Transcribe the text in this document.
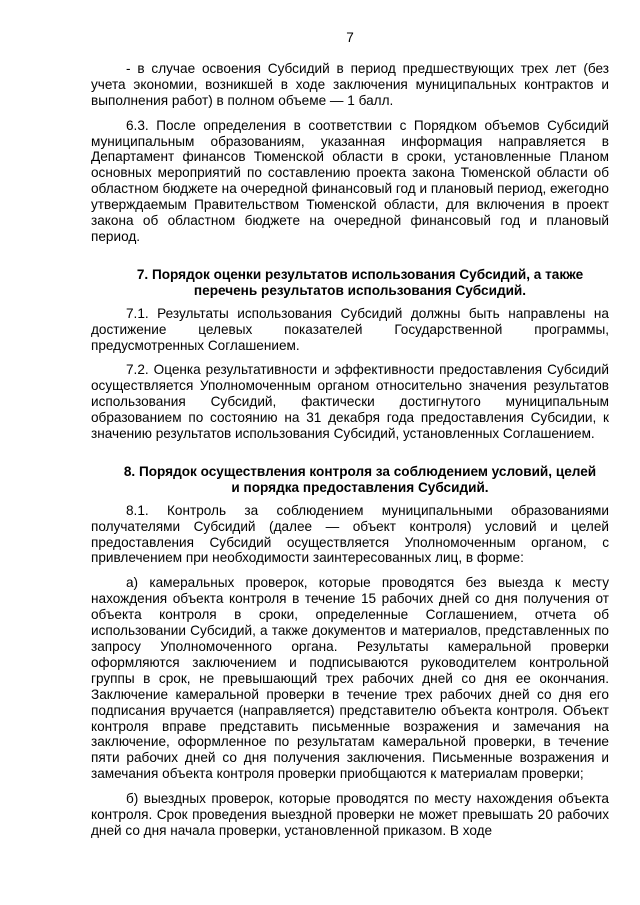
7

- в случае освоения Субсидий в период предшествующих трех лет (без учета экономии, возникшей в ходе заключения муниципальных контрактов и выполнения работ) в полном объеме — 1 балл.

6.3. После определения в соответствии с Порядком объемов Субсидий муниципальным образованиям, указанная информация направляется в Департамент финансов Тюменской области в сроки, установленные Планом основных мероприятий по составлению проекта закона Тюменской области об областном бюджете на очередной финансовый год и плановый период, ежегодно утверждаемым Правительством Тюменской области, для включения в проект закона об областном бюджете на очередной финансовый год и плановый период.

7. Порядок оценки результатов использования Субсидий, а также перечень результатов использования Субсидий.

7.1. Результаты использования Субсидий должны быть направлены на достижение целевых показателей Государственной программы, предусмотренных Соглашением.

7.2. Оценка результативности и эффективности предоставления Субсидий осуществляется Уполномоченным органом относительно значения результатов использования Субсидий, фактически достигнутого муниципальным образованием по состоянию на 31 декабря года предоставления Субсидии, к значению результатов использования Субсидий, установленных Соглашением.

8. Порядок осуществления контроля за соблюдением условий, целей и порядка предоставления Субсидий.

8.1. Контроль за соблюдением муниципальными образованиями получателями Субсидий (далее — объект контроля) условий и целей предоставления Субсидий осуществляется Уполномоченным органом, с привлечением при необходимости заинтересованных лиц, в форме:

а) камеральных проверок, которые проводятся без выезда к месту нахождения объекта контроля в течение 15 рабочих дней со дня получения от объекта контроля в сроки, определенные Соглашением, отчета об использовании Субсидий, а также документов и материалов, представленных по запросу Уполномоченного органа. Результаты камеральной проверки оформляются заключением и подписываются руководителем контрольной группы в срок, не превышающий трех рабочих дней со дня ее окончания. Заключение камеральной проверки в течение трех рабочих дней со дня его подписания вручается (направляется) представителю объекта контроля. Объект контроля вправе представить письменные возражения и замечания на заключение, оформленное по результатам камеральной проверки, в течение пяти рабочих дней со дня получения заключения. Письменные возражения и замечания объекта контроля проверки приобщаются к материалам проверки;

б) выездных проверок, которые проводятся по месту нахождения объекта контроля. Срок проведения выездной проверки не может превышать 20 рабочих дней со дня начала проверки, установленной приказом. В ходе
